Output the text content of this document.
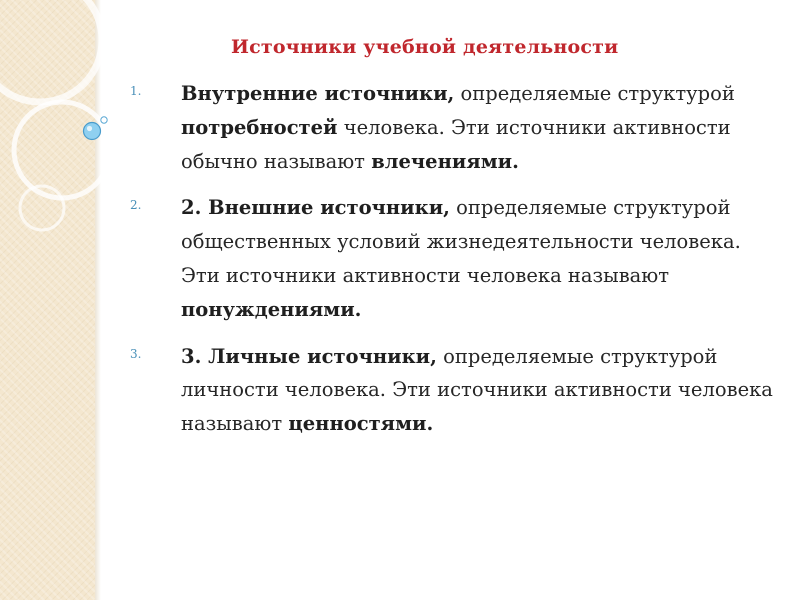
Источники учебной деятельности
1.	Внутренние источники, определяемые структурой потребностей человека. Эти источники активности обычно называют влечениями.
2.	2. Внешние источники, определяемые структурой общественных условий жизнедеятельности человека. Эти источники активности человека называют понуждениями.
3.	3. Личные источники, определяемые структурой личности человека. Эти источники активности человека называют ценностями.
